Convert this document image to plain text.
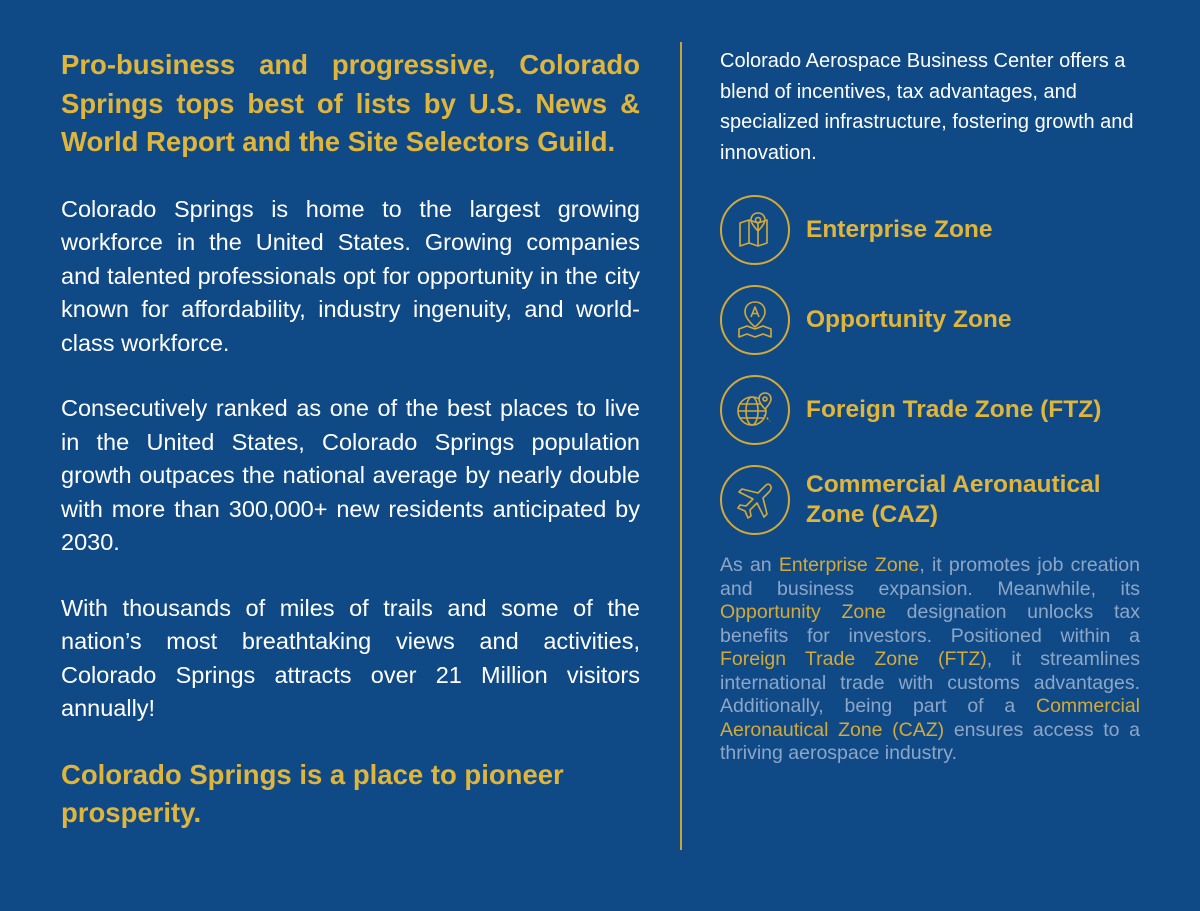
Pro-business and progressive, Colorado Springs tops best of lists by U.S. News & World Report and the Site Selectors Guild.

Colorado Springs is home to the largest growing workforce in the United States. Growing companies and talented professionals opt for opportunity in the city known for affordability, industry ingenuity, and world-class workforce.

Consecutively ranked as one of the best places to live in the United States, Colorado Springs population growth outpaces the national average by nearly double with more than 300,000+ new residents anticipated by 2030.

With thousands of miles of trails and some of the nation’s most breathtaking views and activities, Colorado Springs attracts over 21 Million visitors annually!

Colorado Springs is a place to pioneer prosperity.

Colorado Aerospace Business Center offers a blend of incentives, tax advantages, and specialized infrastructure, fostering growth and innovation.

Enterprise Zone
Opportunity Zone
Foreign Trade Zone (FTZ)
Commercial Aeronautical Zone (CAZ)

As an Enterprise Zone, it promotes job creation and business expansion. Meanwhile, its Opportunity Zone designation unlocks tax benefits for investors. Positioned within a Foreign Trade Zone (FTZ), it streamlines international trade with customs advantages. Additionally, being part of a Commercial Aeronautical Zone (CAZ) ensures access to a thriving aerospace industry.
